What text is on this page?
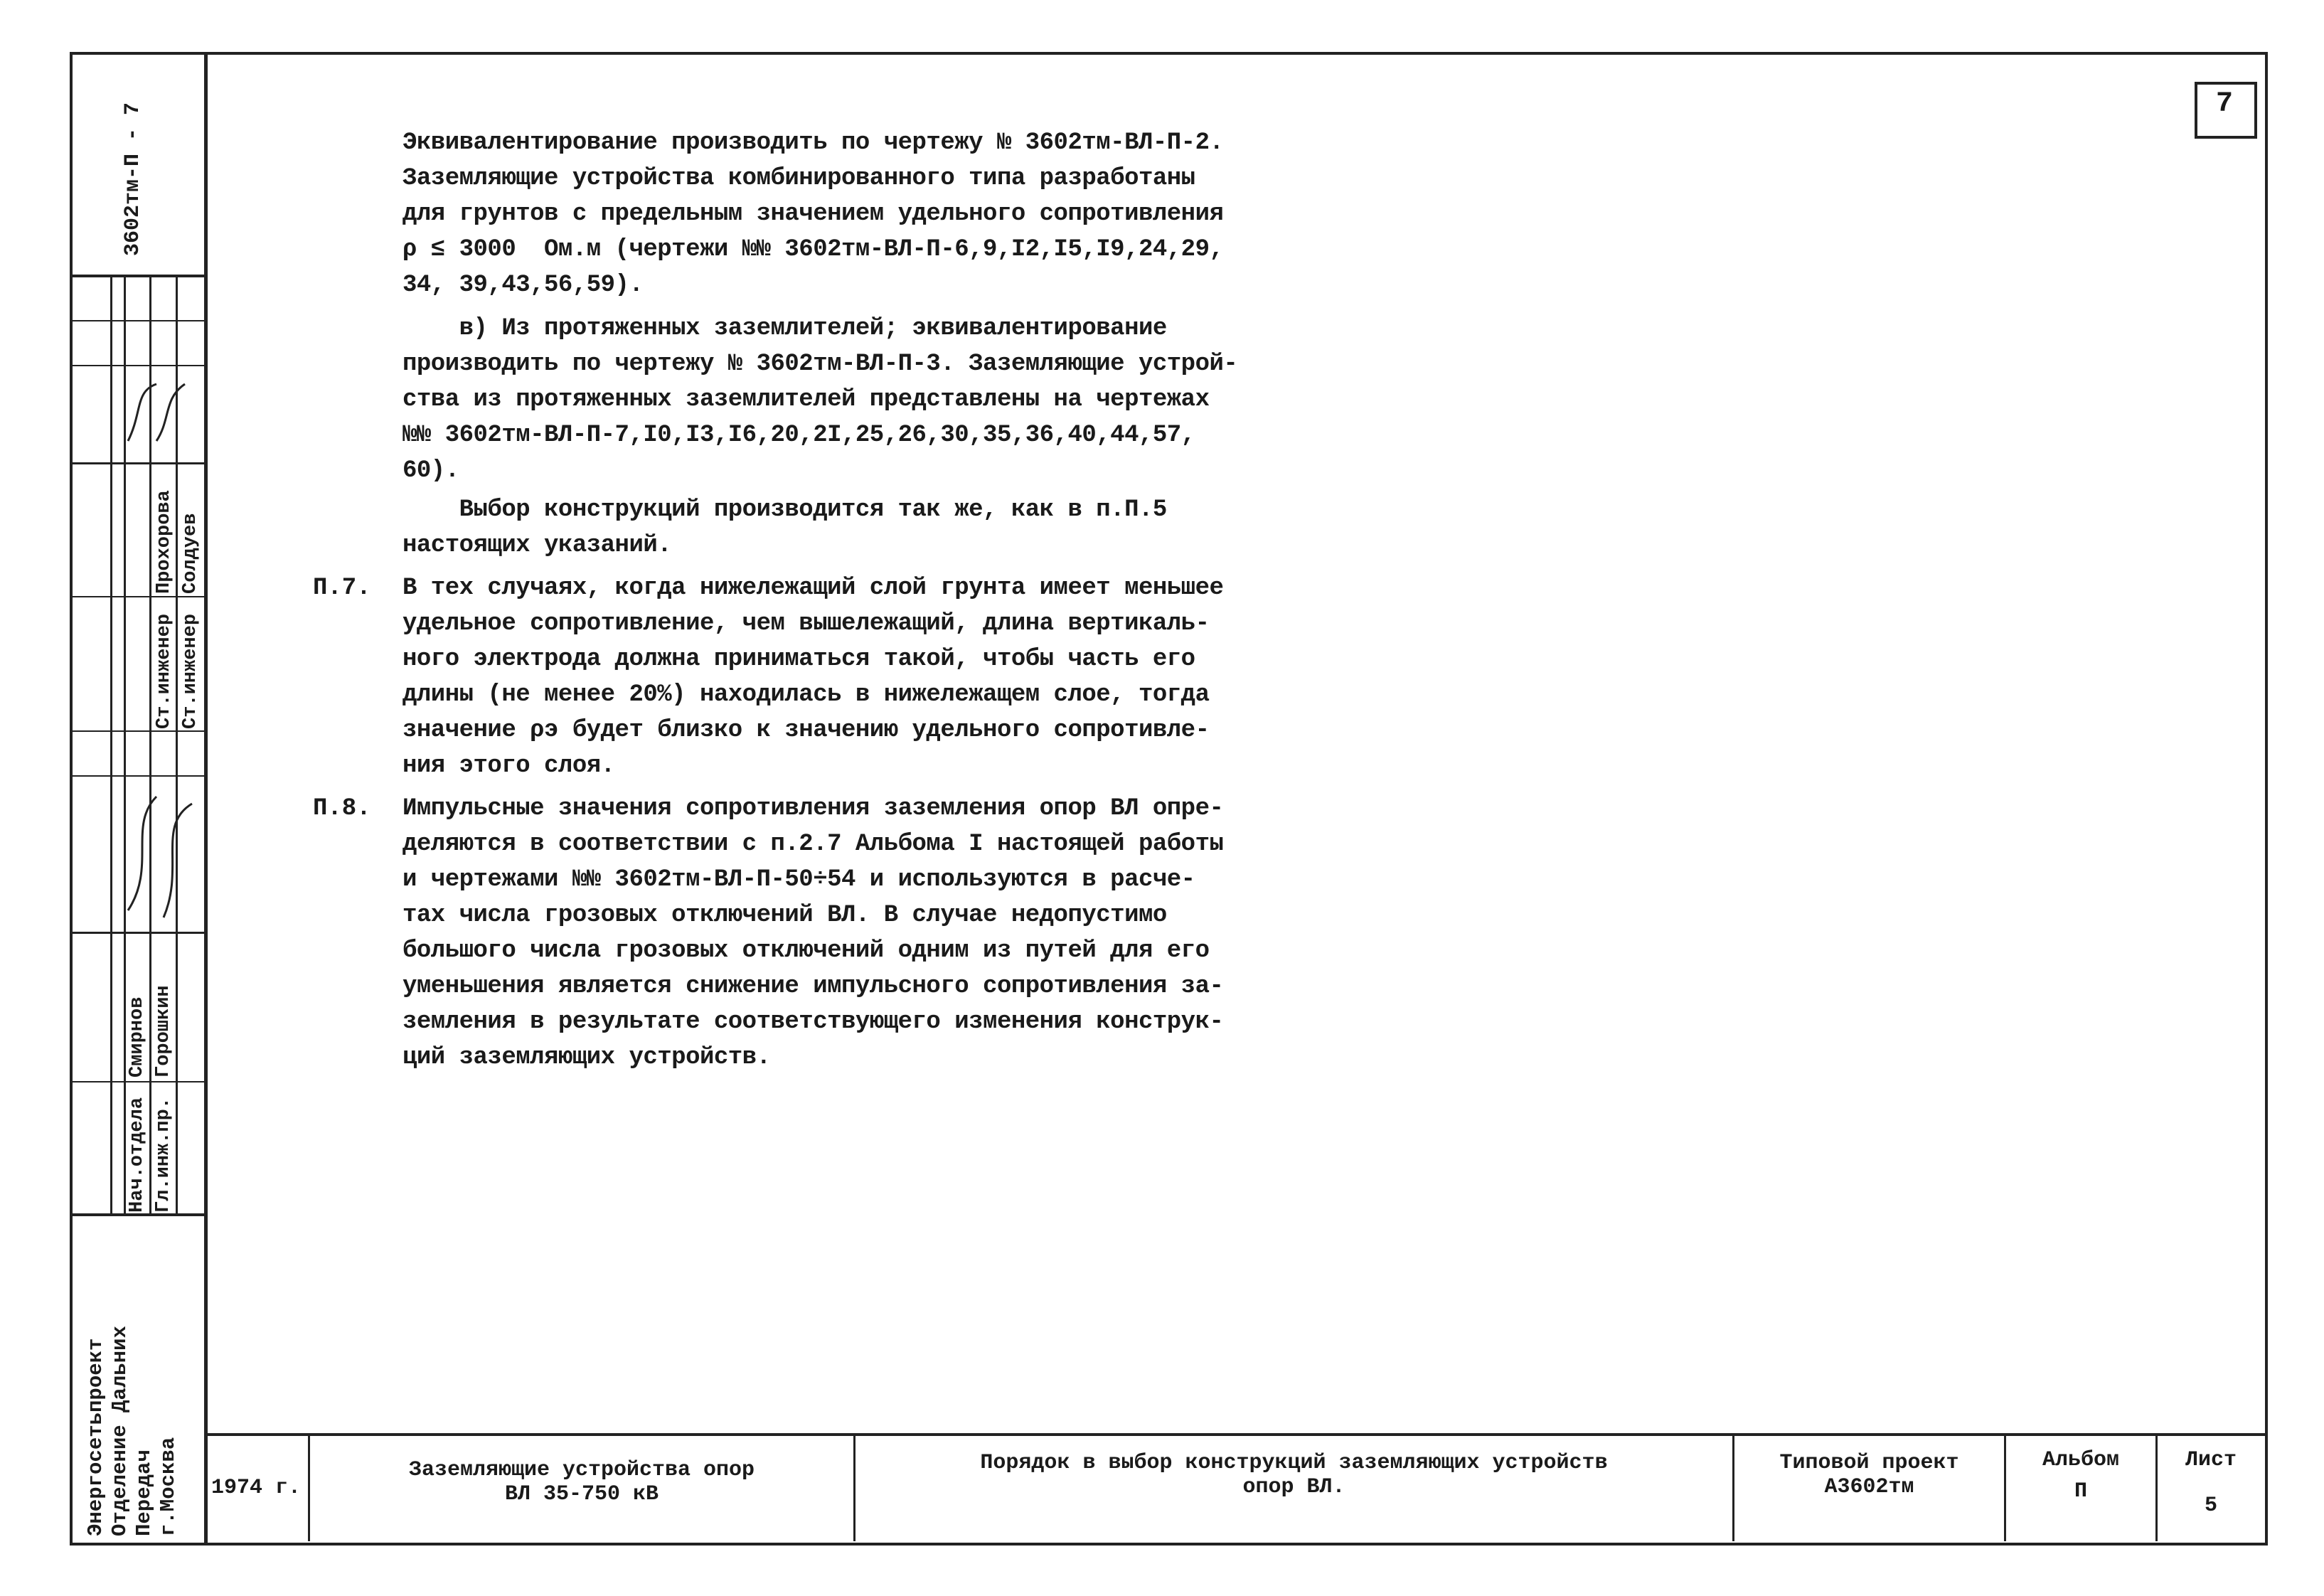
7
3602тм-П - 7
Ст.инженер
Прохорова
Ст.инженер
Солдуев
Нач.отдела
Смирнов
Гл.инж.пр.
Горошкин
Энергосетьпроект
Отделение Дальних
Передач
г.Москва
Эквивалентирование производить по чертежу № 3602тм-ВЛ-П-2.
Заземляющие устройства комбинированного типа разработаны
для грунтов с предельным значением удельного сопротивления
ρ ≤ 3000  Ом.м (чертежи №№ 3602тм-ВЛ-П-6,9,I2,I5,I9,24,29,
34, 39,43,56,59).
в) Из протяженных заземлителей; эквивалентирование
производить по чертежу № 3602тм-ВЛ-П-3. Заземляющие устрой-
ства из протяженных заземлителей представлены на чертежах
№№ 3602тм-ВЛ-П-7,I0,I3,I6,20,2I,25,26,30,35,36,40,44,57,
60).
Выбор конструкций производится так же, как в п.П.5
настоящих указаний.
П.7. В тех случаях, когда нижележащий слой грунта имеет меньшее
удельное сопротивление, чем вышележащий, длина вертикаль-
ного электрода должна приниматься такой, чтобы часть его
длины (не менее 20%) находилась в нижележащем слое, тогда
значение ρэ будет близко к значению удельного сопротивле-
ния этого слоя.
П.8. Импульсные значения сопротивления заземления опор ВЛ опре-
деляются в соответствии с п.2.7 Альбома I настоящей работы
и чертежами №№ 3602тм-ВЛ-П-50÷54 и используются в расче-
тах числа грозовых отключений ВЛ. В случае недопустимо
большого числа грозовых отключений одним из путей для его
уменьшения является снижение импульсного сопротивления за-
земления в результате соответствующего изменения конструк-
ций заземляющих устройств.
1974 г.
Заземляющие устройства опор
ВЛ 35-750 кВ
Порядок в выбор конструкций заземляющих устройств
опор ВЛ.
Типовой проект
А3602тм
Альбом
П
Лист
5
